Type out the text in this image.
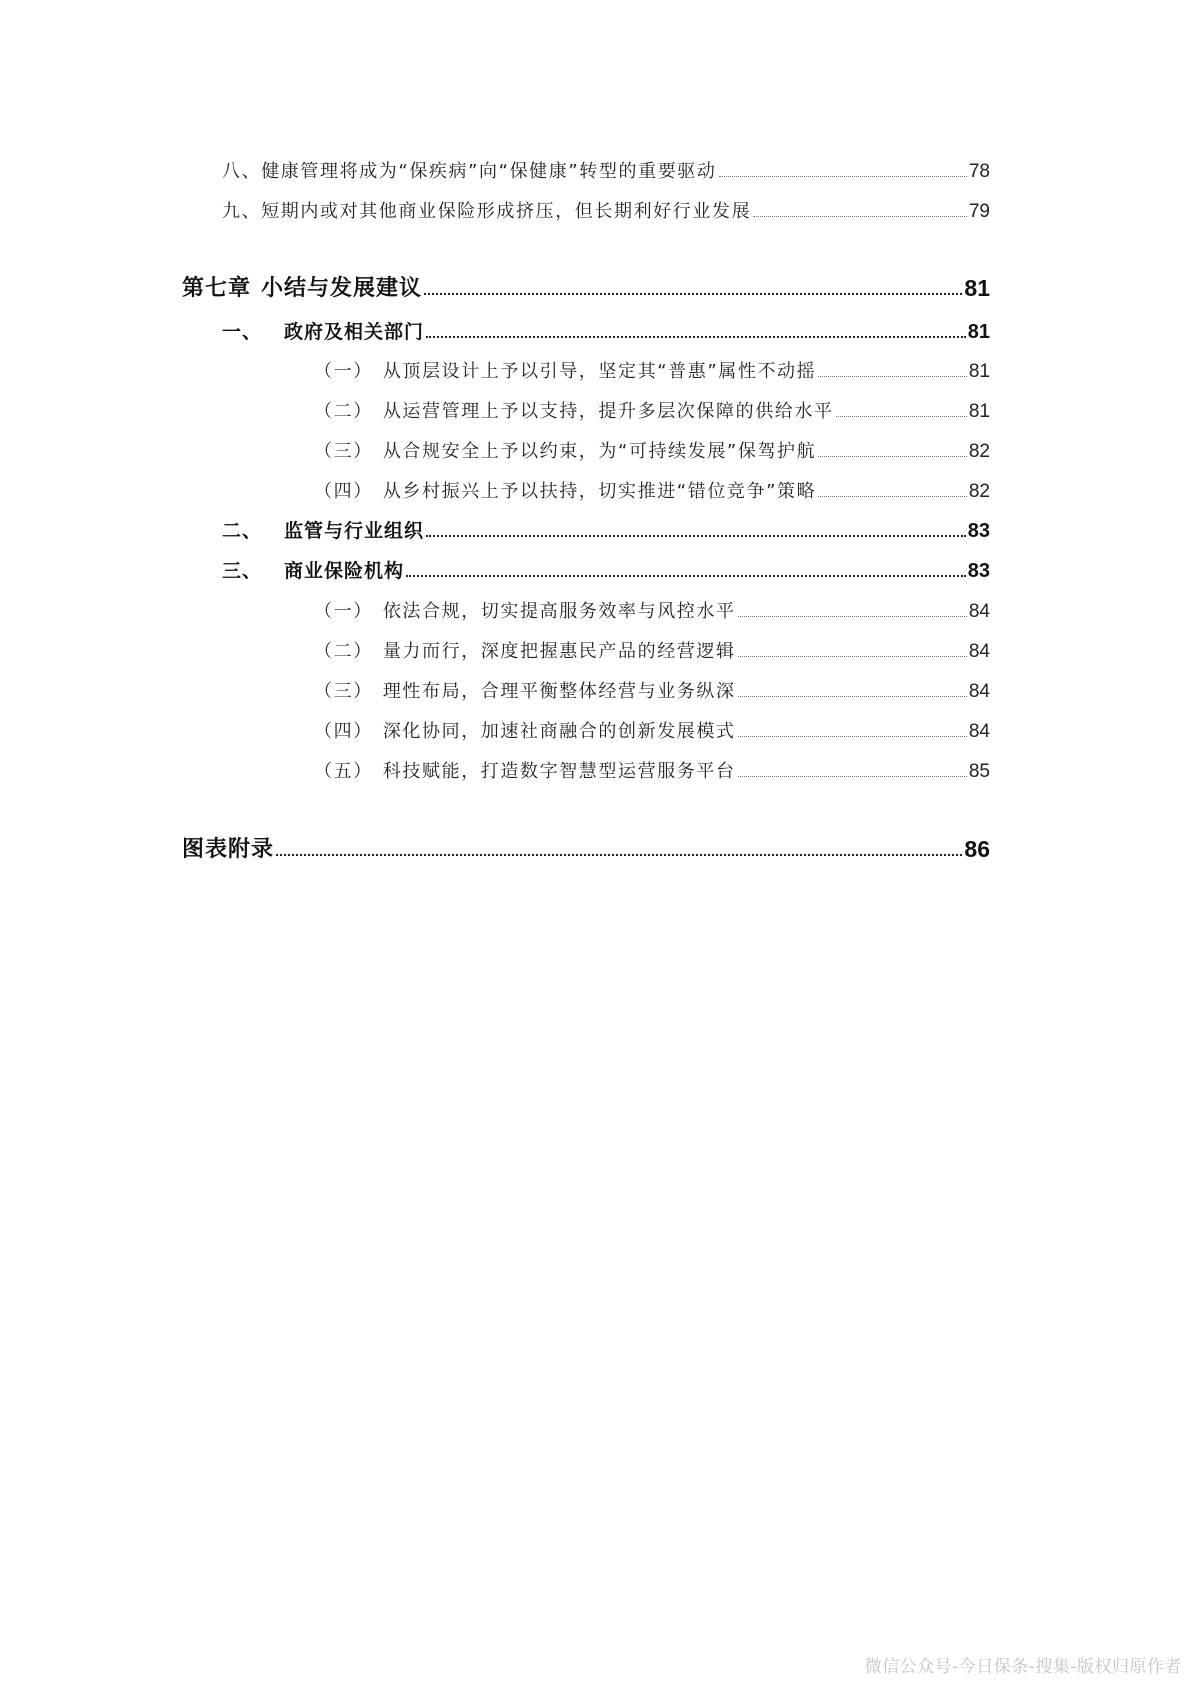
八、健康管理将成为“保疾病”向“保健康”转型的重要驱动	78
九、短期内或对其他商业保险形成挤压，但长期利好行业发展	79
第七章 小结与发展建议	81
一、 政府及相关部门	81
（一） 从顶层设计上予以引导，坚定其“普惠”属性不动摇	81
（二） 从运营管理上予以支持，提升多层次保障的供给水平	81
（三） 从合规安全上予以约束，为“可持续发展”保驾护航	82
（四） 从乡村振兴上予以扶持，切实推进“错位竞争”策略	82
二、 监管与行业组织	83
三、 商业保险机构	83
（一） 依法合规，切实提高服务效率与风控水平	84
（二） 量力而行，深度把握惠民产品的经营逻辑	84
（三） 理性布局，合理平衡整体经营与业务纵深	84
（四） 深化协同，加速社商融合的创新发展模式	84
（五） 科技赋能，打造数字智慧型运营服务平台	85
图表附录	86
微信公众号-今日保条-搜集-版权归原作者
